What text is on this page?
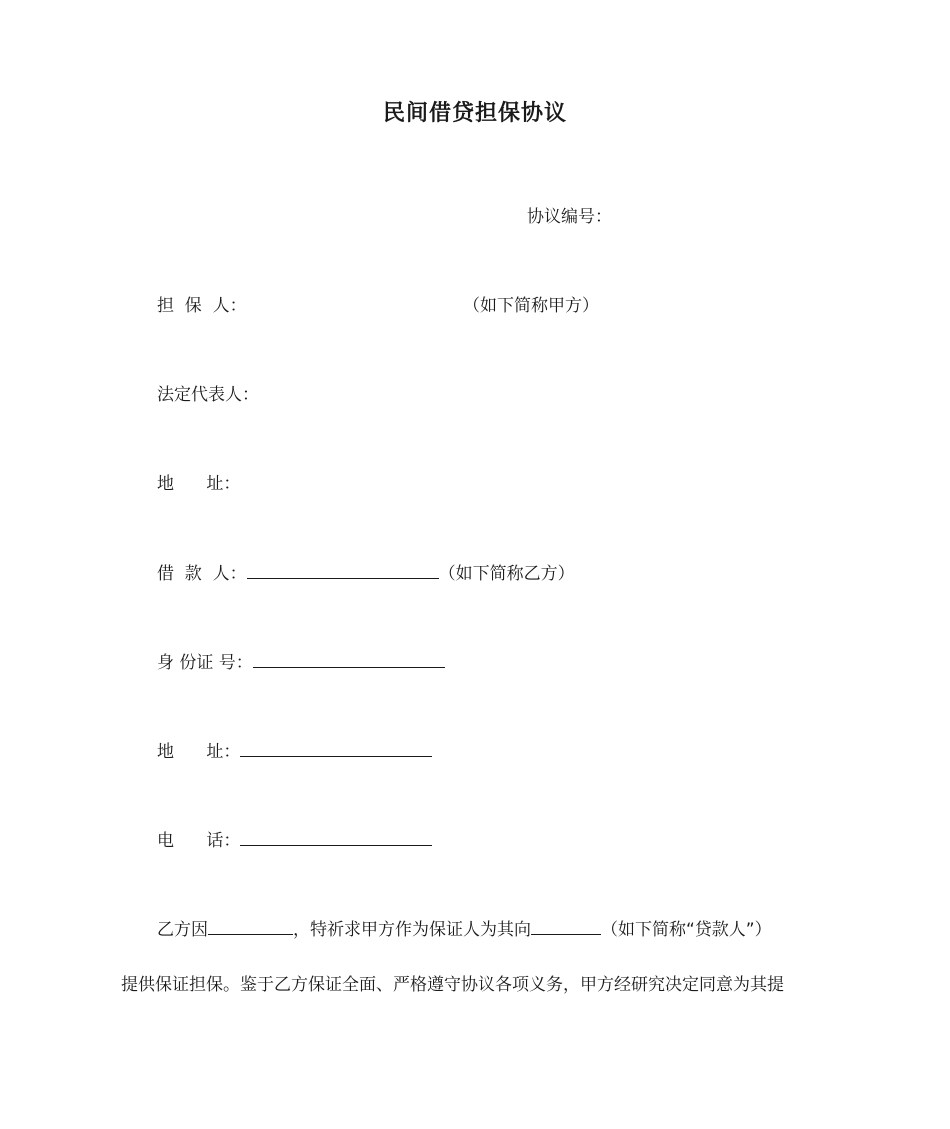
民间借贷担保协议
协议编号：
担  保  人：	（如下简称甲方）
法定代表人：
地      址：
借  款  人：	（如下简称乙方）
身 份证 号：
地      址：
电      话：
乙方因	，特祈求甲方作为保证人为其向	（如下简称“贷款人”）
提供保证担保。鉴于乙方保证全面、严格遵守协议各项义务，甲方经研究决定同意为其提
